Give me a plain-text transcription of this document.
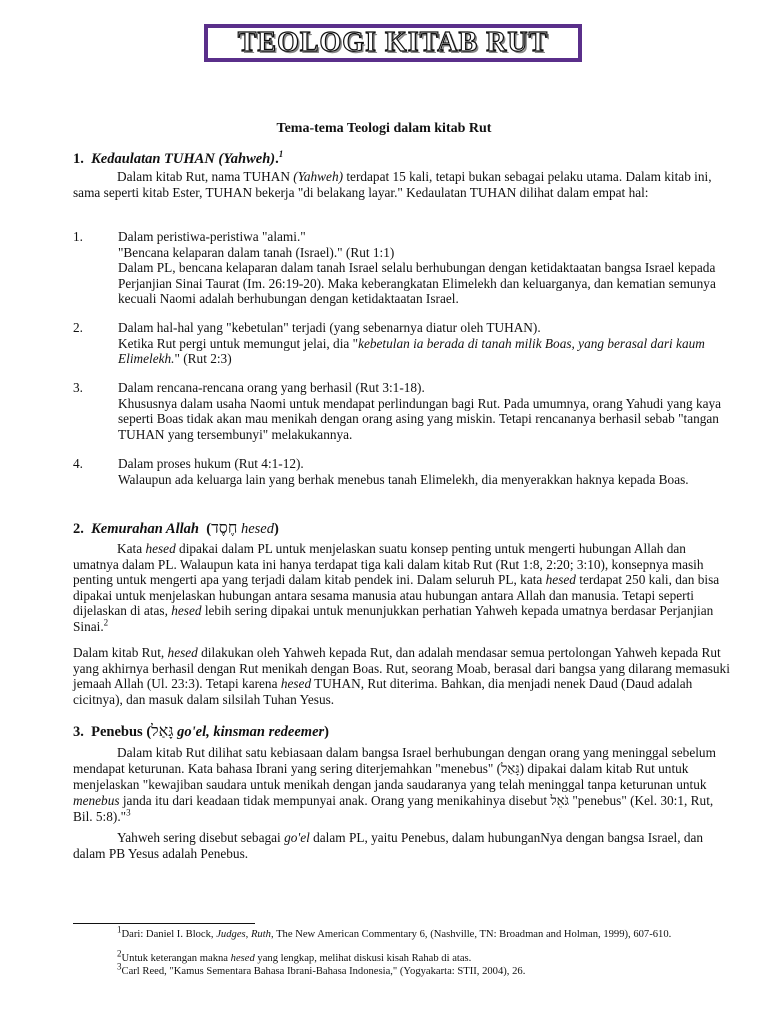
TEOLOGI KITAB RUT
Tema-tema Teologi dalam kitab Rut
1. Kedaulatan TUHAN (Yahweh).$^1$
Dalam kitab Rut, nama TUHAN (Yahweh) terdapat 15 kali, tetapi bukan sebagai pelaku utama. Dalam kitab ini, sama seperti kitab Ester, TUHAN bekerja "di belakang layar." Kedaulatan TUHAN dilihat dalam empat hal:
1.	Dalam peristiwa-peristiwa "alami."
"Bencana kelaparan dalam tanah (Israel)." (Rut 1:1)
Dalam PL, bencana kelaparan dalam tanah Israel selalu berhubungan dengan ketidaktaatan bangsa Israel kepada Perjanjian Sinai Taurat (Im. 26:19-20). Maka keberangkatan Elimelekh dan keluarganya, dan kematian semunya kecuali Naomi adalah berhubungan dengan ketidaktaatan Israel.
2.	Dalam hal-hal yang "kebetulan" terjadi (yang sebenarnya diatur oleh TUHAN).
Ketika Rut pergi untuk memungut jelai, dia "kebetulan ia berada di tanah milik Boas, yang berasal dari kaum Elimelekh." (Rut 2:3)
3.	Dalam rencana-rencana orang yang berhasil (Rut 3:1-18).
Khususnya dalam usaha Naomi untuk mendapat perlindungan bagi Rut. Pada umumnya, orang Yahudi yang kaya seperti Boas tidak akan mau menikah dengan orang asing yang miskin. Tetapi rencananya berhasil sebab "tangan TUHAN yang tersembunyi" melakukannya.
4.	Dalam proses hukum (Rut 4:1-12).
Walaupun ada keluarga lain yang berhak menebus tanah Elimelekh, dia menyerakkan haknya kepada Boas.
2. Kemurahan Allah (חֶסֶד hesed)
Kata hesed dipakai dalam PL untuk menjelaskan suatu konsep penting untuk mengerti hubungan Allah dan umatnya dalam PL. Walaupun kata ini hanya terdapat tiga kali dalam kitab Rut (Rut 1:8, 2:20; 3:10), konsepnya masih penting untuk mengerti apa yang terjadi dalam kitab pendek ini. Dalam seluruh PL, kata hesed terdapat 250 kali, dan bisa dipakai untuk menjelaskan hubungan antara sesama manusia atau hubungan antara Allah dan manusia. Tetapi seperti dijelaskan di atas, hesed lebih sering dipakai untuk menunjukkan perhatian Yahweh kepada umatnya berdasar Perjanjian Sinai.$^2$
Dalam kitab Rut, hesed dilakukan oleh Yahweh kepada Rut, dan adalah mendasar semua pertolongan Yahweh kepada Rut yang akhirnya berhasil dengan Rut menikah dengan Boas. Rut, seorang Moab, berasal dari bangsa yang dilarang memasuki jemaah Allah (Ul. 23:3). Tetapi karena hesed TUHAN, Rut diterima. Bahkan, dia menjadi nenek Daud (Daud adalah cicitnya), dan masuk dalam silsilah Tuhan Yesus.
3. Penebus (גָּאַל go'el, kinsman redeemer)
Dalam kitab Rut dilihat satu kebiasaan dalam bangsa Israel berhubungan dengan orang yang meninggal sebelum mendapat keturunan. Kata bahasa Ibrani yang sering diterjemahkan "menebus" (גָּאַל) dipakai dalam kitab Rut untuk menjelaskan "kewajiban saudara untuk menikah dengan janda saudaranya yang telah meninggal tanpa keturunan untuk menebus janda itu dari keadaan tidak mempunyai anak. Orang yang menikahinya disebut גֹּאֵל "penebus" (Kel. 30:1, Rut, Bil. 5:8)."$^3$
Yahweh sering disebut sebagai go'el dalam PL, yaitu Penebus, dalam hubunganNya dengan bangsa Israel, dan dalam PB Yesus adalah Penebus.
$^1$Dari: Daniel I. Block, Judges, Ruth, The New American Commentary 6, (Nashville, TN: Broadman and Holman, 1999), 607-610.
$^2$Untuk keterangan makna hesed yang lengkap, melihat diskusi kisah Rahab di atas.
$^3$Carl Reed, "Kamus Sementara Bahasa Ibrani-Bahasa Indonesia," (Yogyakarta: STII, 2004), 26.
